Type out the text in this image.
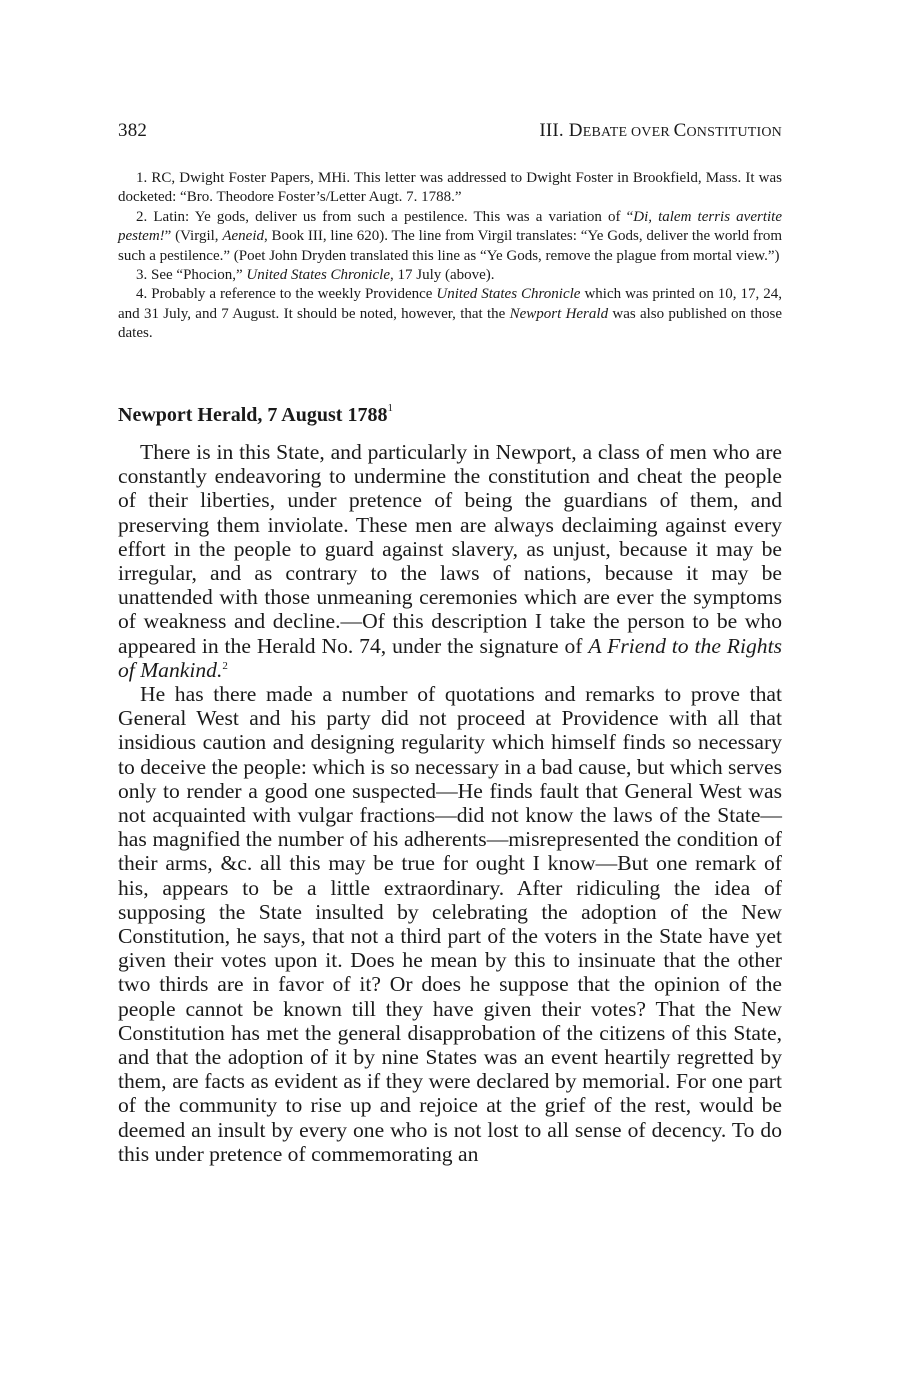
382	III. DEBATE OVER CONSTITUTION

1. RC, Dwight Foster Papers, MHi. This letter was addressed to Dwight Foster in Brookfield, Mass. It was docketed: “Bro. Theodore Foster’s/Letter Augt. 7. 1788.”

2. Latin: Ye gods, deliver us from such a pestilence. This was a variation of “Di, talem terris avertite pestem!” (Virgil, Aeneid, Book III, line 620). The line from Virgil translates: “Ye Gods, deliver the world from such a pestilence.” (Poet John Dryden translated this line as “Ye Gods, remove the plague from mortal view.”)

3. See “Phocion,” United States Chronicle, 17 July (above).

4. Probably a reference to the weekly Providence United States Chronicle which was printed on 10, 17, 24, and 31 July, and 7 August. It should be noted, however, that the Newport Herald was also published on those dates.

Newport Herald, 7 August 1788$^1$

There is in this State, and particularly in Newport, a class of men who are constantly endeavoring to undermine the constitution and cheat the people of their liberties, under pretence of being the guardians of them, and preserving them inviolate. These men are always declaiming against every effort in the people to guard against slavery, as unjust, because it may be irregular, and as contrary to the laws of nations, because it may be unattended with those unmeaning ceremonies which are ever the symptoms of weakness and decline.—Of this description I take the person to be who appeared in the Herald No. 74, under the signature of A Friend to the Rights of Mankind.$^2$

He has there made a number of quotations and remarks to prove that General West and his party did not proceed at Providence with all that insidious caution and designing regularity which himself finds so necessary to deceive the people: which is so necessary in a bad cause, but which serves only to render a good one suspected—He finds fault that General West was not acquainted with vulgar fractions—did not know the laws of the State—has magnified the number of his adherents—misrepresented the condition of their arms, &c. all this may be true for ought I know—But one remark of his, appears to be a little extraordinary. After ridiculing the idea of supposing the State insulted by celebrating the adoption of the New Constitution, he says, that not a third part of the voters in the State have yet given their votes upon it. Does he mean by this to insinuate that the other two thirds are in favor of it? Or does he suppose that the opinion of the people cannot be known till they have given their votes? That the New Constitution has met the general disapprobation of the citizens of this State, and that the adoption of it by nine States was an event heartily regretted by them, are facts as evident as if they were declared by memorial. For one part of the community to rise up and rejoice at the grief of the rest, would be deemed an insult by every one who is not lost to all sense of decency. To do this under pretence of commemorating an
